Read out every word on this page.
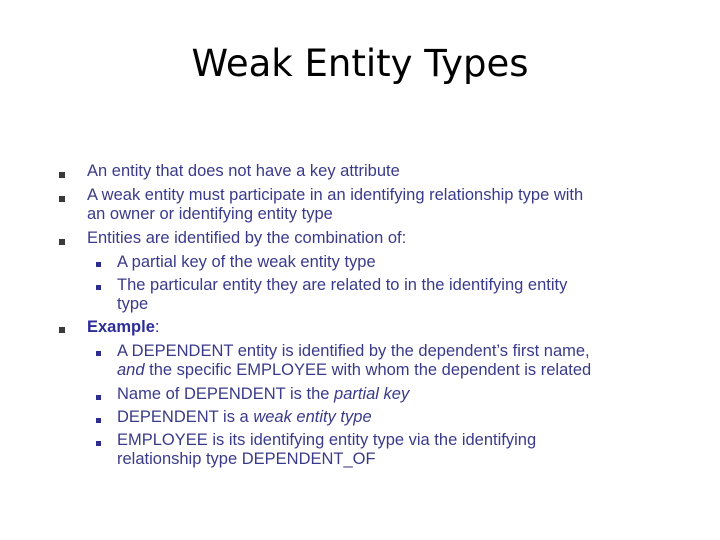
Weak Entity Types
An entity that does not have a key attribute
A weak entity must participate in an identifying relationship type with
an owner or identifying entity type
Entities are identified by the combination of:
A partial key of the weak entity type
The particular entity they are related to in the identifying entity
type
Example:
A DEPENDENT entity is identified by the dependent’s first name,
and the specific EMPLOYEE with whom the dependent is related
Name of DEPENDENT is the partial key
DEPENDENT is a weak entity type
EMPLOYEE is its identifying entity type via the identifying
relationship type DEPENDENT_OF
